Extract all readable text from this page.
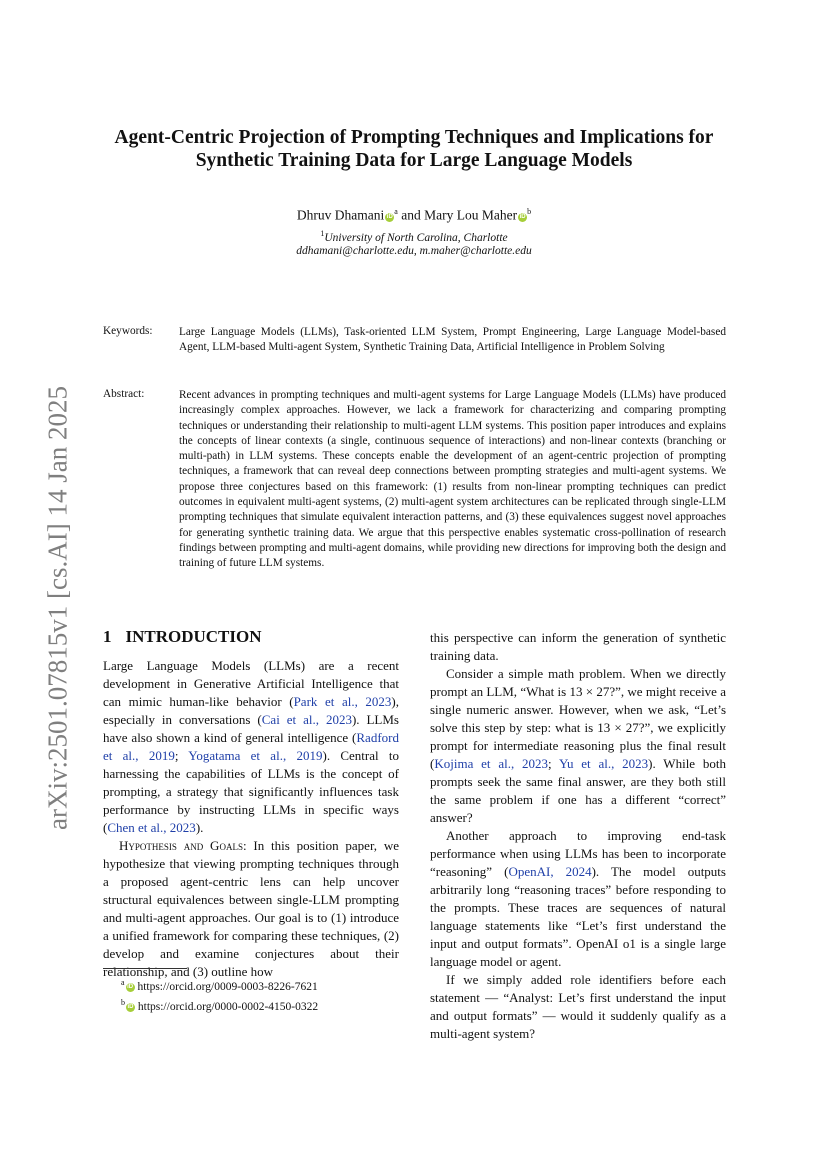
arXiv:2501.07815v1 [cs.AI] 14 Jan 2025
Agent-Centric Projection of Prompting Techniques and Implications for
Synthetic Training Data for Large Language Models
Dhruv Dhamani $iD^a$ and Mary Lou Maher $iD^b$
$^1$University of North Carolina, Charlotte
ddhamani@charlotte.edu, m.maher@charlotte.edu
Keywords: Large Language Models (LLMs), Task-oriented LLM System, Prompt Engineering, Large Language Model-based Agent, LLM-based Multi-agent System, Synthetic Training Data, Artificial Intelligence in Problem Solving
Abstract:	Recent advances in prompting techniques and multi-agent systems for Large Language Models (LLMs) have produced increasingly complex approaches. However, we lack a framework for characterizing and comparing prompting techniques or understanding their relationship to multi-agent LLM systems. This position paper introduces and explains the concepts of linear contexts (a single, continuous sequence of interactions) and non-linear contexts (branching or multi-path) in LLM systems. These concepts enable the development of an agent-centric projection of prompting techniques, a framework that can reveal deep connections between prompting strategies and multi-agent systems. We propose three conjectures based on this framework: (1) results from non-linear prompting techniques can predict outcomes in equivalent multi-agent systems, (2) multi-agent system architectures can be replicated through single-LLM prompting techniques that simulate equivalent interaction patterns, and (3) these equivalences suggest novel approaches for generating synthetic training data. We argue that this perspective enables systematic cross-pollination of research findings between prompting and multi-agent domains, while providing new directions for improving both the design and training of future LLM systems.
1 INTRODUCTION

Large Language Models (LLMs) are a recent development in Generative Artificial Intelligence that can mimic human-like behavior (Park et al., 2023), especially in conversations (Cai et al., 2023). LLMs have also shown a kind of general intelligence (Radford et al., 2019; Yogatama et al., 2019). Central to harnessing the capabilities of LLMs is the concept of prompting, a strategy that significantly influences task performance by instructing LLMs in specific ways (Chen et al., 2023).

Hypothesis and Goals: In this position paper, we hypothesize that viewing prompting techniques through a proposed agent-centric lens can help uncover structural equivalences between single-LLM prompting and multi-agent approaches. Our goal is to (1) introduce a unified framework for comparing these techniques, (2) develop and examine conjectures about their relationship, and (3) outline how

this perspective can inform the generation of synthetic training data.

Consider a simple math problem. When we directly prompt an LLM, “What is 13 × 27?”, we might receive a single numeric answer. However, when we ask, “Let’s solve this step by step: what is 13 × 27?”, we explicitly prompt for intermediate reasoning plus the final result (Kojima et al., 2023; Yu et al., 2023). While both prompts seek the same final answer, are they both still the same problem if one has a different “correct” answer?

Another approach to improving end-task performance when using LLMs has been to incorporate “reasoning” (OpenAI, 2024). The model outputs arbitrarily long “reasoning traces” before responding to the prompts. These traces are sequences of natural language statements like “Let’s first understand the input and output formats”. OpenAI o1 is a single large language model or agent.

If we simply added role identifiers before each statement — “Analyst: Let’s first understand the input and output formats” — would it suddenly qualify as a multi-agent system?

$^a$ iD https://orcid.org/0009-0003-8226-7621
$^b$ iD https://orcid.org/0000-0002-4150-0322
